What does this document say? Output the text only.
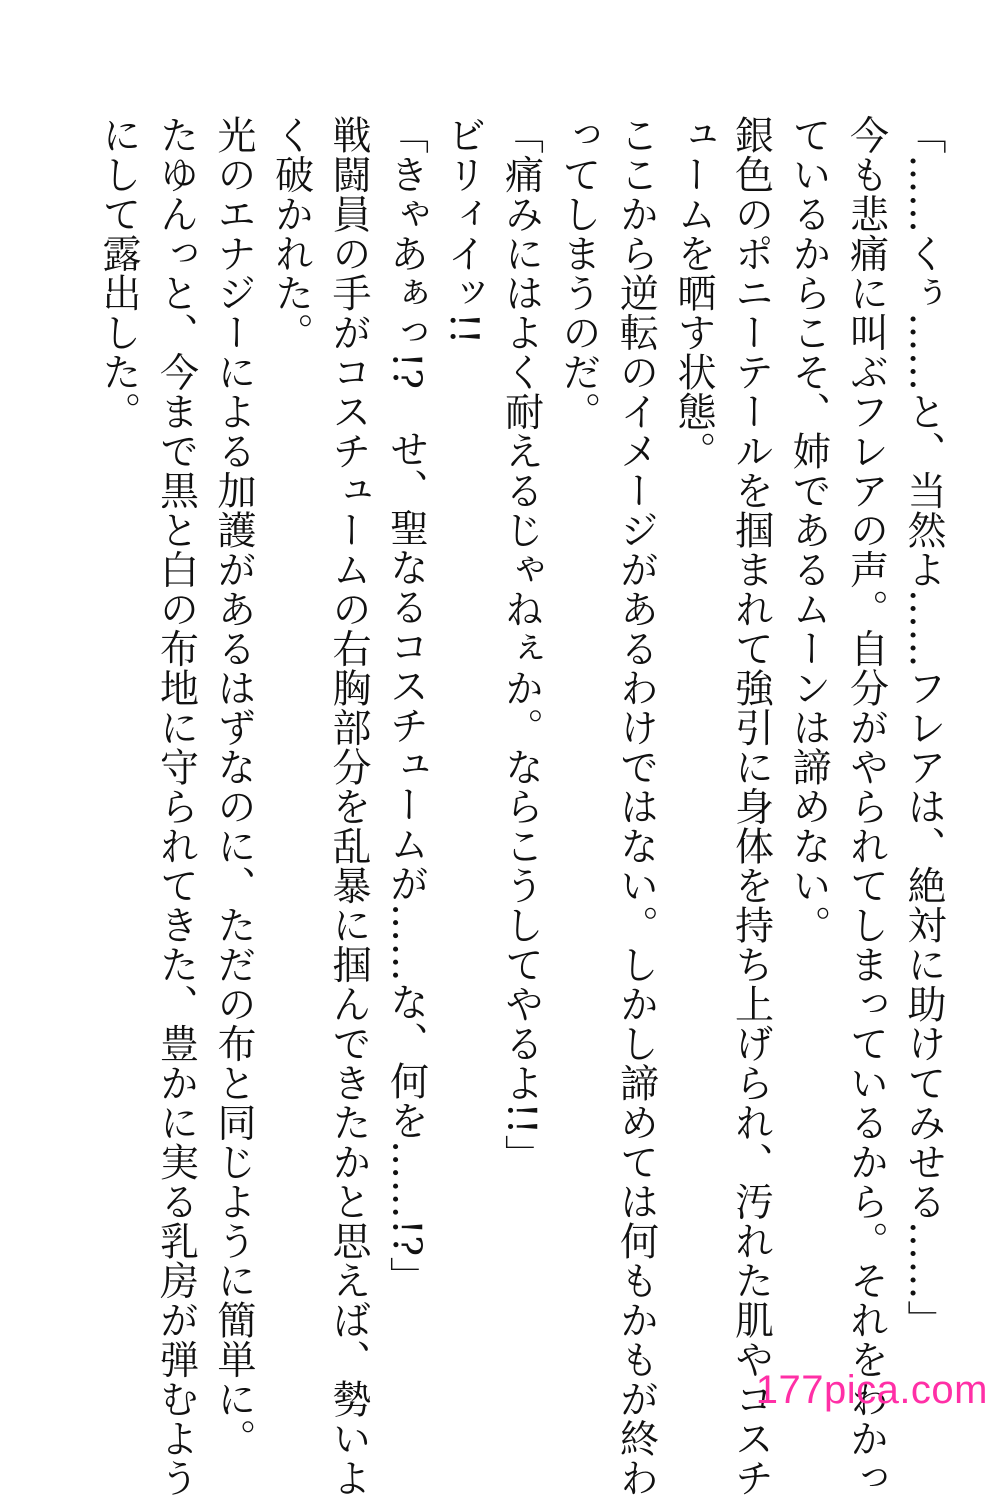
「……くぅ……と、当然よ……フレアは、絶対に助けてみせる……」
今も悲痛に叫ぶフレアの声。自分がやられてしまっているから。それをわかっ
ているからこそ、姉であるムーンは諦めない。
銀色のポニーテールを掴まれて強引に身体を持ち上げられ、汚れた肌やコスチ
ュームを晒す状態。
ここから逆転のイメージがあるわけではない。しかし諦めては何もかもが終わ
ってしまうのだ。
「痛みにはよく耐えるじゃねぇか。ならこうしてやるよ!!」
ビリィイッ!!
「きゃあぁっ!?　せ、聖なるコスチュームが……な、何を……!?」
戦闘員の手がコスチュームの右胸部分を乱暴に掴んできたかと思えば、勢いよ
く破かれた。
光のエナジーによる加護があるはずなのに、ただの布と同じように簡単に。
たゆんっと、今まで黒と白の布地に守られてきた、豊かに実る乳房が弾むよう
にして露出した。
177pica.com
